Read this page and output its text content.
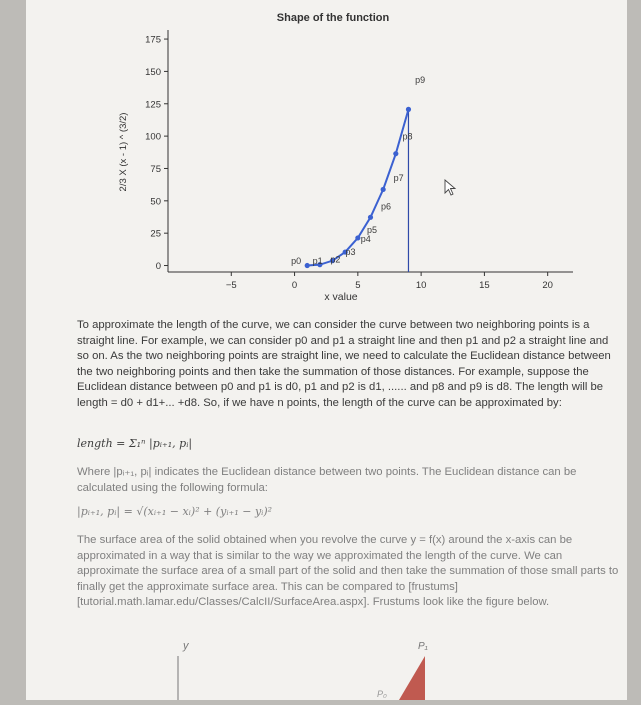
Shape of the function
−5	0	5	10	15	20
0
25
50
75
100
125
150
175
p0 p1 p2
p3
p4
p5
p6
p7
p8
p9
x value
2/3 X (x - 1) ^ (3/2)

To approximate the length of the curve, we can consider the curve between two neighboring points is a straight line. For example, we can consider p0 and p1 a straight line and then p1 and p2 a straight line and so on. As the two neighboring points are straight line, we need to calculate the Euclidean distance between the two neighboring points and then take the summation of those distances. For example, suppose the Euclidean distance between p0 and p1 is d0, p1 and p2 is d1, ...... and p8 and p9 is d8. The length will be length = d0 + d1+... +d8. So, if we have n points, the length of the curve can be approximated by:

length = Σ₁ⁿ |pᵢ₊₁, pᵢ|

Where |pᵢ₊₁, pᵢ| indicates the Euclidean distance between two points. The Euclidean distance can be calculated using the following formula:

|pᵢ₊₁, pᵢ| = √(xᵢ₊₁ − xᵢ)² + (yᵢ₊₁ − yᵢ)²

The surface area of the solid obtained when you revolve the curve y = f(x) around the x-axis can be approximated in a way that is similar to the way we approximated the length of the curve. We can approximate the surface area of a small part of the solid and then take the summation of those small parts to finally get the approximate surface area. This can be compared to [frustums] [tutorial.math.lamar.edu/Classes/CalcII/SurfaceArea.aspx]. Frustums look like the figure below.

y	P₁
P₀
